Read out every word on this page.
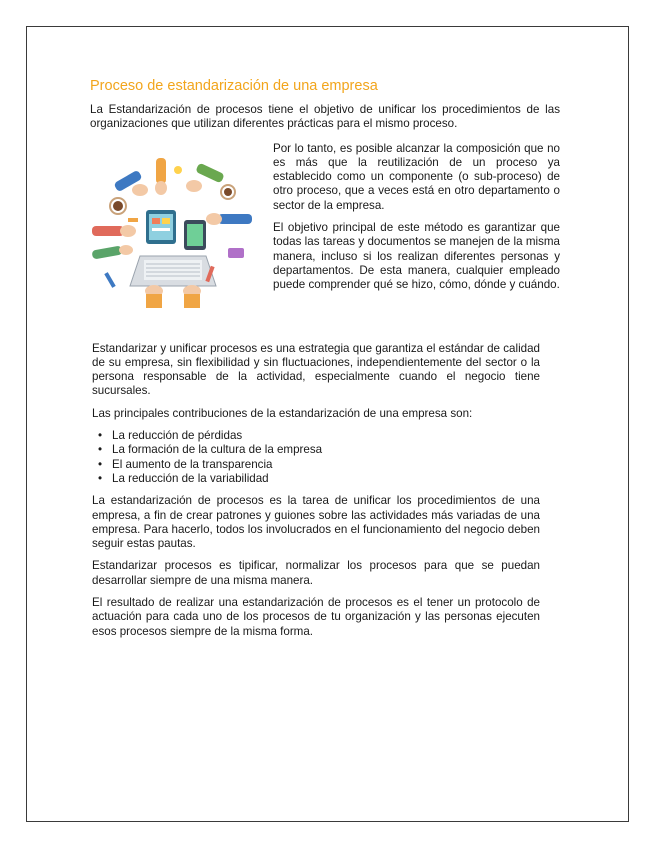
Proceso de estandarización de una empresa

La Estandarización de procesos tiene el objetivo de unificar los procedimientos de las organizaciones que utilizan diferentes prácticas para el mismo proceso.

Por lo tanto, es posible alcanzar la composición que no es más que la reutilización de un proceso ya establecido como un componente (o sub-proceso) de otro proceso, que a veces está en otro departamento o sector de la empresa.

El objetivo principal de este método es garantizar que todas las tareas y documentos se manejen de la misma manera, incluso si los realizan diferentes personas y departamentos. De esta manera, cualquier empleado puede comprender qué se hizo, cómo, dónde y cuándo.

Estandarizar y unificar procesos es una estrategia que garantiza el estándar de calidad de su empresa, sin flexibilidad y sin fluctuaciones, independientemente del sector o la persona responsable de la actividad, especialmente cuando el negocio tiene sucursales.

Las principales contribuciones de la estandarización de una empresa son:

• La reducción de pérdidas
• La formación de la cultura de la empresa
• El aumento de la transparencia
• La reducción de la variabilidad

La estandarización de procesos es la tarea de unificar los procedimientos de una empresa, a fin de crear patrones y guiones sobre las actividades más variadas de una empresa. Para hacerlo, todos los involucrados en el funcionamiento del negocio deben seguir estas pautas.

Estandarizar procesos es tipificar, normalizar los procesos para que se puedan desarrollar siempre de una misma manera.

El resultado de realizar una estandarización de procesos es el tener un protocolo de actuación para cada uno de los procesos de tu organización y las personas ejecuten esos procesos siempre de la misma forma.
